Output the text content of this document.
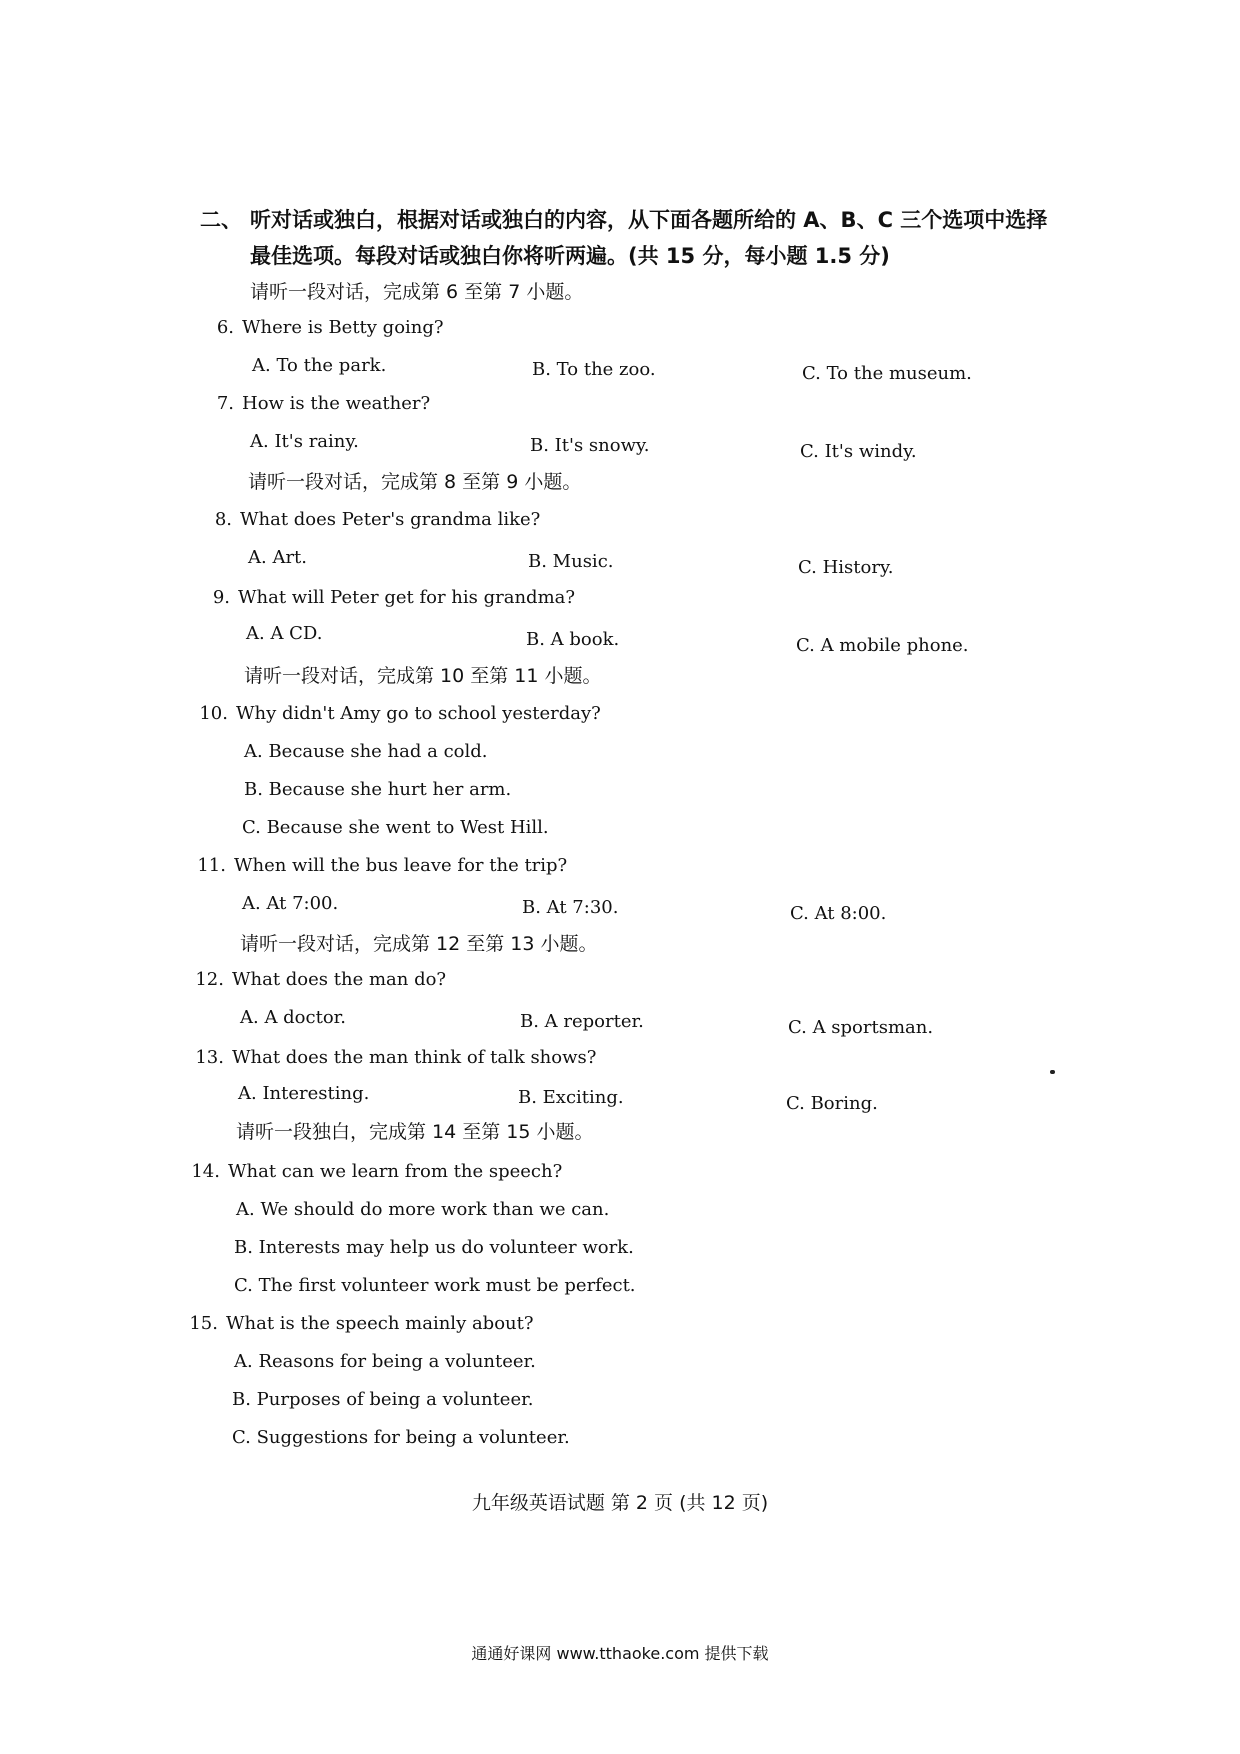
二、 听对话或独白，根据对话或独白的内容，从下面各题所给的 A、B、C 三个选项中选择
最佳选项。每段对话或独白你将听两遍。(共 15 分，每小题 1.5 分)
请听一段对话，完成第 6 至第 7 小题。
6. Where is Betty going?
A. To the park.	B. To the zoo.	C. To the museum.
7. How is the weather?
A. It's rainy.	B. It's snowy.	C. It's windy.
请听一段对话，完成第 8 至第 9 小题。
8. What does Peter's grandma like?
A. Art.	B. Music.	C. History.
9. What will Peter get for his grandma?
A. A CD.	B. A book.	C. A mobile phone.
请听一段对话，完成第 10 至第 11 小题。
10. Why didn't Amy go to school yesterday?
A. Because she had a cold.
B. Because she hurt her arm.
C. Because she went to West Hill.
11. When will the bus leave for the trip?
A. At 7:00.	B. At 7:30.	C. At 8:00.
请听一段对话，完成第 12 至第 13 小题。
12. What does the man do?
A. A doctor.	B. A reporter.	C. A sportsman.
13. What does the man think of talk shows?
A. Interesting.	B. Exciting.	C. Boring.
请听一段独白，完成第 14 至第 15 小题。
14. What can we learn from the speech?
A. We should do more work than we can.
B. Interests may help us do volunteer work.
C. The first volunteer work must be perfect.
15. What is the speech mainly about?
A. Reasons for being a volunteer.
B. Purposes of being a volunteer.
C. Suggestions for being a volunteer.
九年级英语试题 第 2 页 (共 12 页)
通通好课网 www.tthaoke.com 提供下载
